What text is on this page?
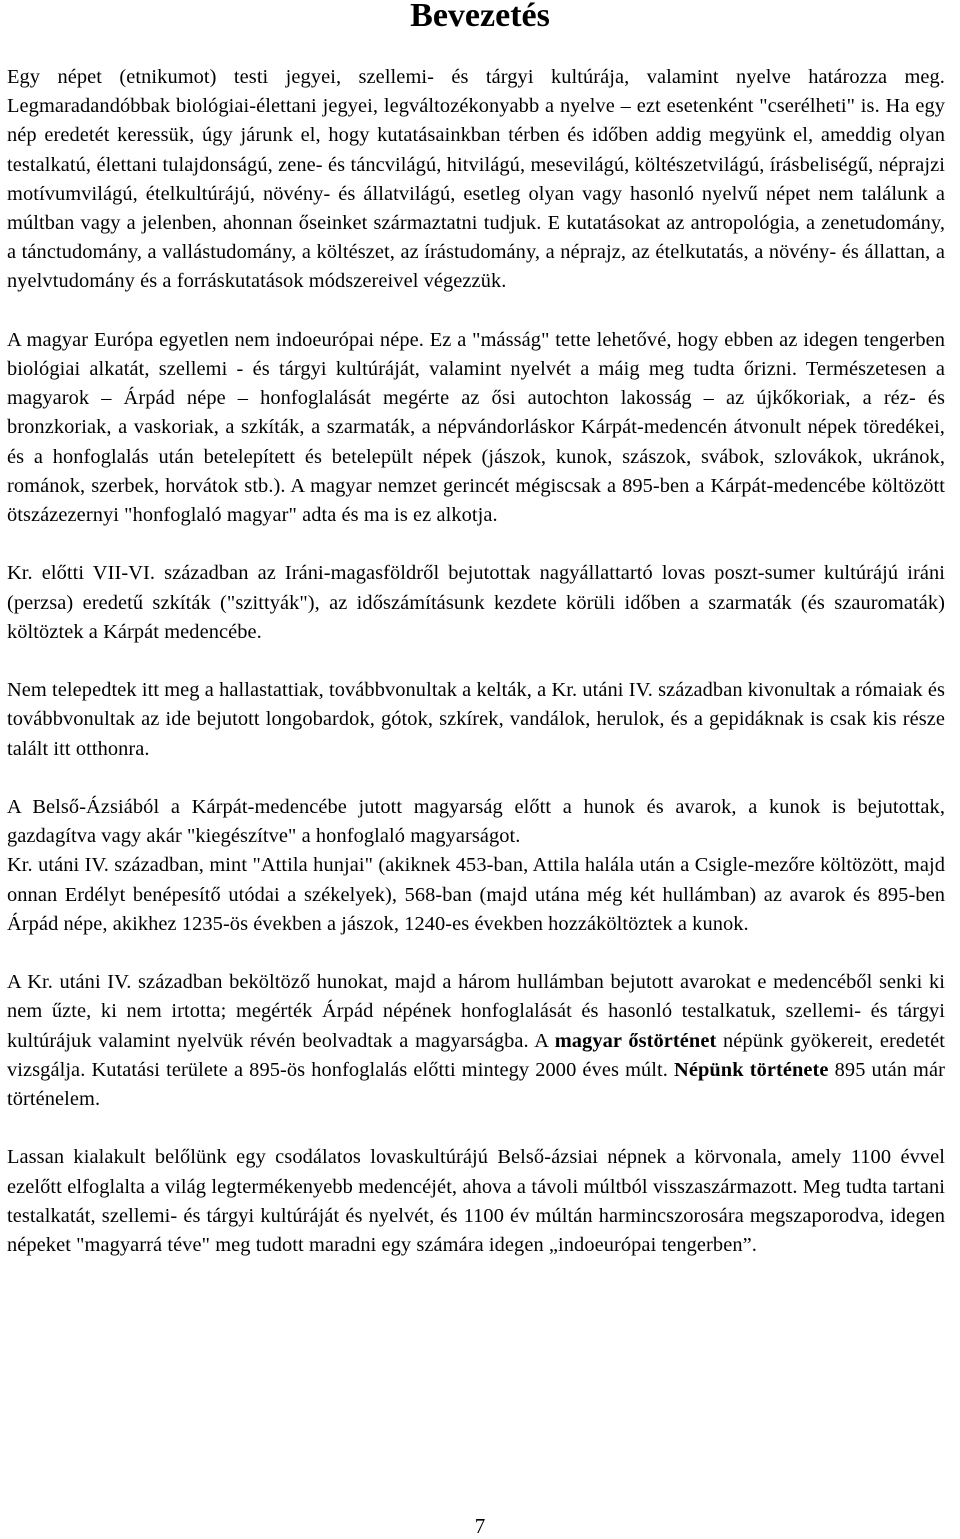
Bevezetés

Egy népet (etnikumot) testi jegyei, szellemi- és tárgyi kultúrája, valamint nyelve határozza meg. Legmaradandóbbak biológiai-élettani jegyei, legváltozékonyabb a nyelve – ezt esetenként "cserélheti" is. Ha egy nép eredetét keressük, úgy járunk el, hogy kutatásainkban térben és időben addig megyünk el, ameddig olyan testalkatú, élettani tulajdonságú, zene- és táncvilágú, hitvilágú, mesevilágú, költészetvilágú, írásbeliségű, néprajzi motívumvilágú, ételkultúrájú, növény- és állatvilágú, esetleg olyan vagy hasonló nyelvű népet nem találunk a múltban vagy a jelenben, ahonnan őseinket származtatni tudjuk. E kutatásokat az antropológia, a zenetudomány, a tánctudomány, a vallástudomány, a költészet, az írástudomány, a néprajz, az ételkutatás, a növény- és állattan, a nyelvtudomány és a forráskutatások módszereivel végezzük.

A magyar Európa egyetlen nem indoeurópai népe. Ez a "másság" tette lehetővé, hogy ebben az idegen tengerben biológiai alkatát, szellemi - és tárgyi kultúráját, valamint nyelvét a máig meg tudta őrizni. Természetesen a magyarok – Árpád népe – honfoglalását megérte az ősi autochton lakosság – az újkőkoriak, a réz- és bronzkoriak, a vaskoriak, a szkíták, a szarmaták, a népvándorláskor Kárpát-medencén átvonult népek töredékei, és a honfoglalás után betelepített és betelepült népek (jászok, kunok, szászok, svábok, szlovákok, ukránok, románok, szerbek, horvátok stb.). A magyar nemzet gerincét mégiscsak a 895-ben a Kárpát-medencébe költözött ötszázezernyi "honfoglaló magyar" adta és ma is ez alkotja.

Kr. előtti VII-VI. században az Iráni-magasföldről bejutottak nagyállattartó lovas poszt-sumer kultúrájú iráni (perzsa) eredetű szkíták ("szittyák"), az időszámításunk kezdete körüli időben a szarmaták (és szauromaták) költöztek a Kárpát medencébe.

Nem telepedtek itt meg a hallastattiak, továbbvonultak a kelták, a Kr. utáni IV. században kivonultak a rómaiak és továbbvonultak az ide bejutott longobardok, gótok, szkírek, vandálok, herulok, és a gepidáknak is csak kis része talált itt otthonra.

A Belső-Ázsiából a Kárpát-medencébe jutott magyarság előtt a hunok és avarok, a kunok is bejutottak, gazdagítva vagy akár "kiegészítve" a honfoglaló magyarságot.

Kr. utáni IV. században, mint "Attila hunjai" (akiknek 453-ban, Attila halála után a Csigle-mezőre költözött, majd onnan Erdélyt benépesítő utódai a székelyek), 568-ban (majd utána még két hullámban) az avarok és 895-ben Árpád népe, akikhez 1235-ös években a jászok, 1240-es években hozzáköltöztek a kunok.

A Kr. utáni IV. században beköltöző hunokat, majd a három hullámban bejutott avarokat e medencéből senki ki nem űzte, ki nem irtotta; megérték Árpád népének honfoglalását és hasonló testalkatuk, szellemi- és tárgyi kultúrájuk valamint nyelvük révén beolvadtak a magyarságba. A magyar őstörténet népünk gyökereit, eredetét vizsgálja. Kutatási területe a 895-ös honfoglalás előtti mintegy 2000 éves múlt. Népünk története 895 után már történelem.

Lassan kialakult belőlünk egy csodálatos lovaskultúrájú Belső-ázsiai népnek a körvonala, amely 1100 évvel ezelőtt elfoglalta a világ legtermékenyebb medencéjét, ahova a távoli múltból visszaszármazott. Meg tudta tartani testalkatát, szellemi- és tárgyi kultúráját és nyelvét, és 1100 év múltán harmincszorosára megszaporodva, idegen népeket "magyarrá téve" meg tudott maradni egy számára idegen „indoeurópai tengerben”.

7
